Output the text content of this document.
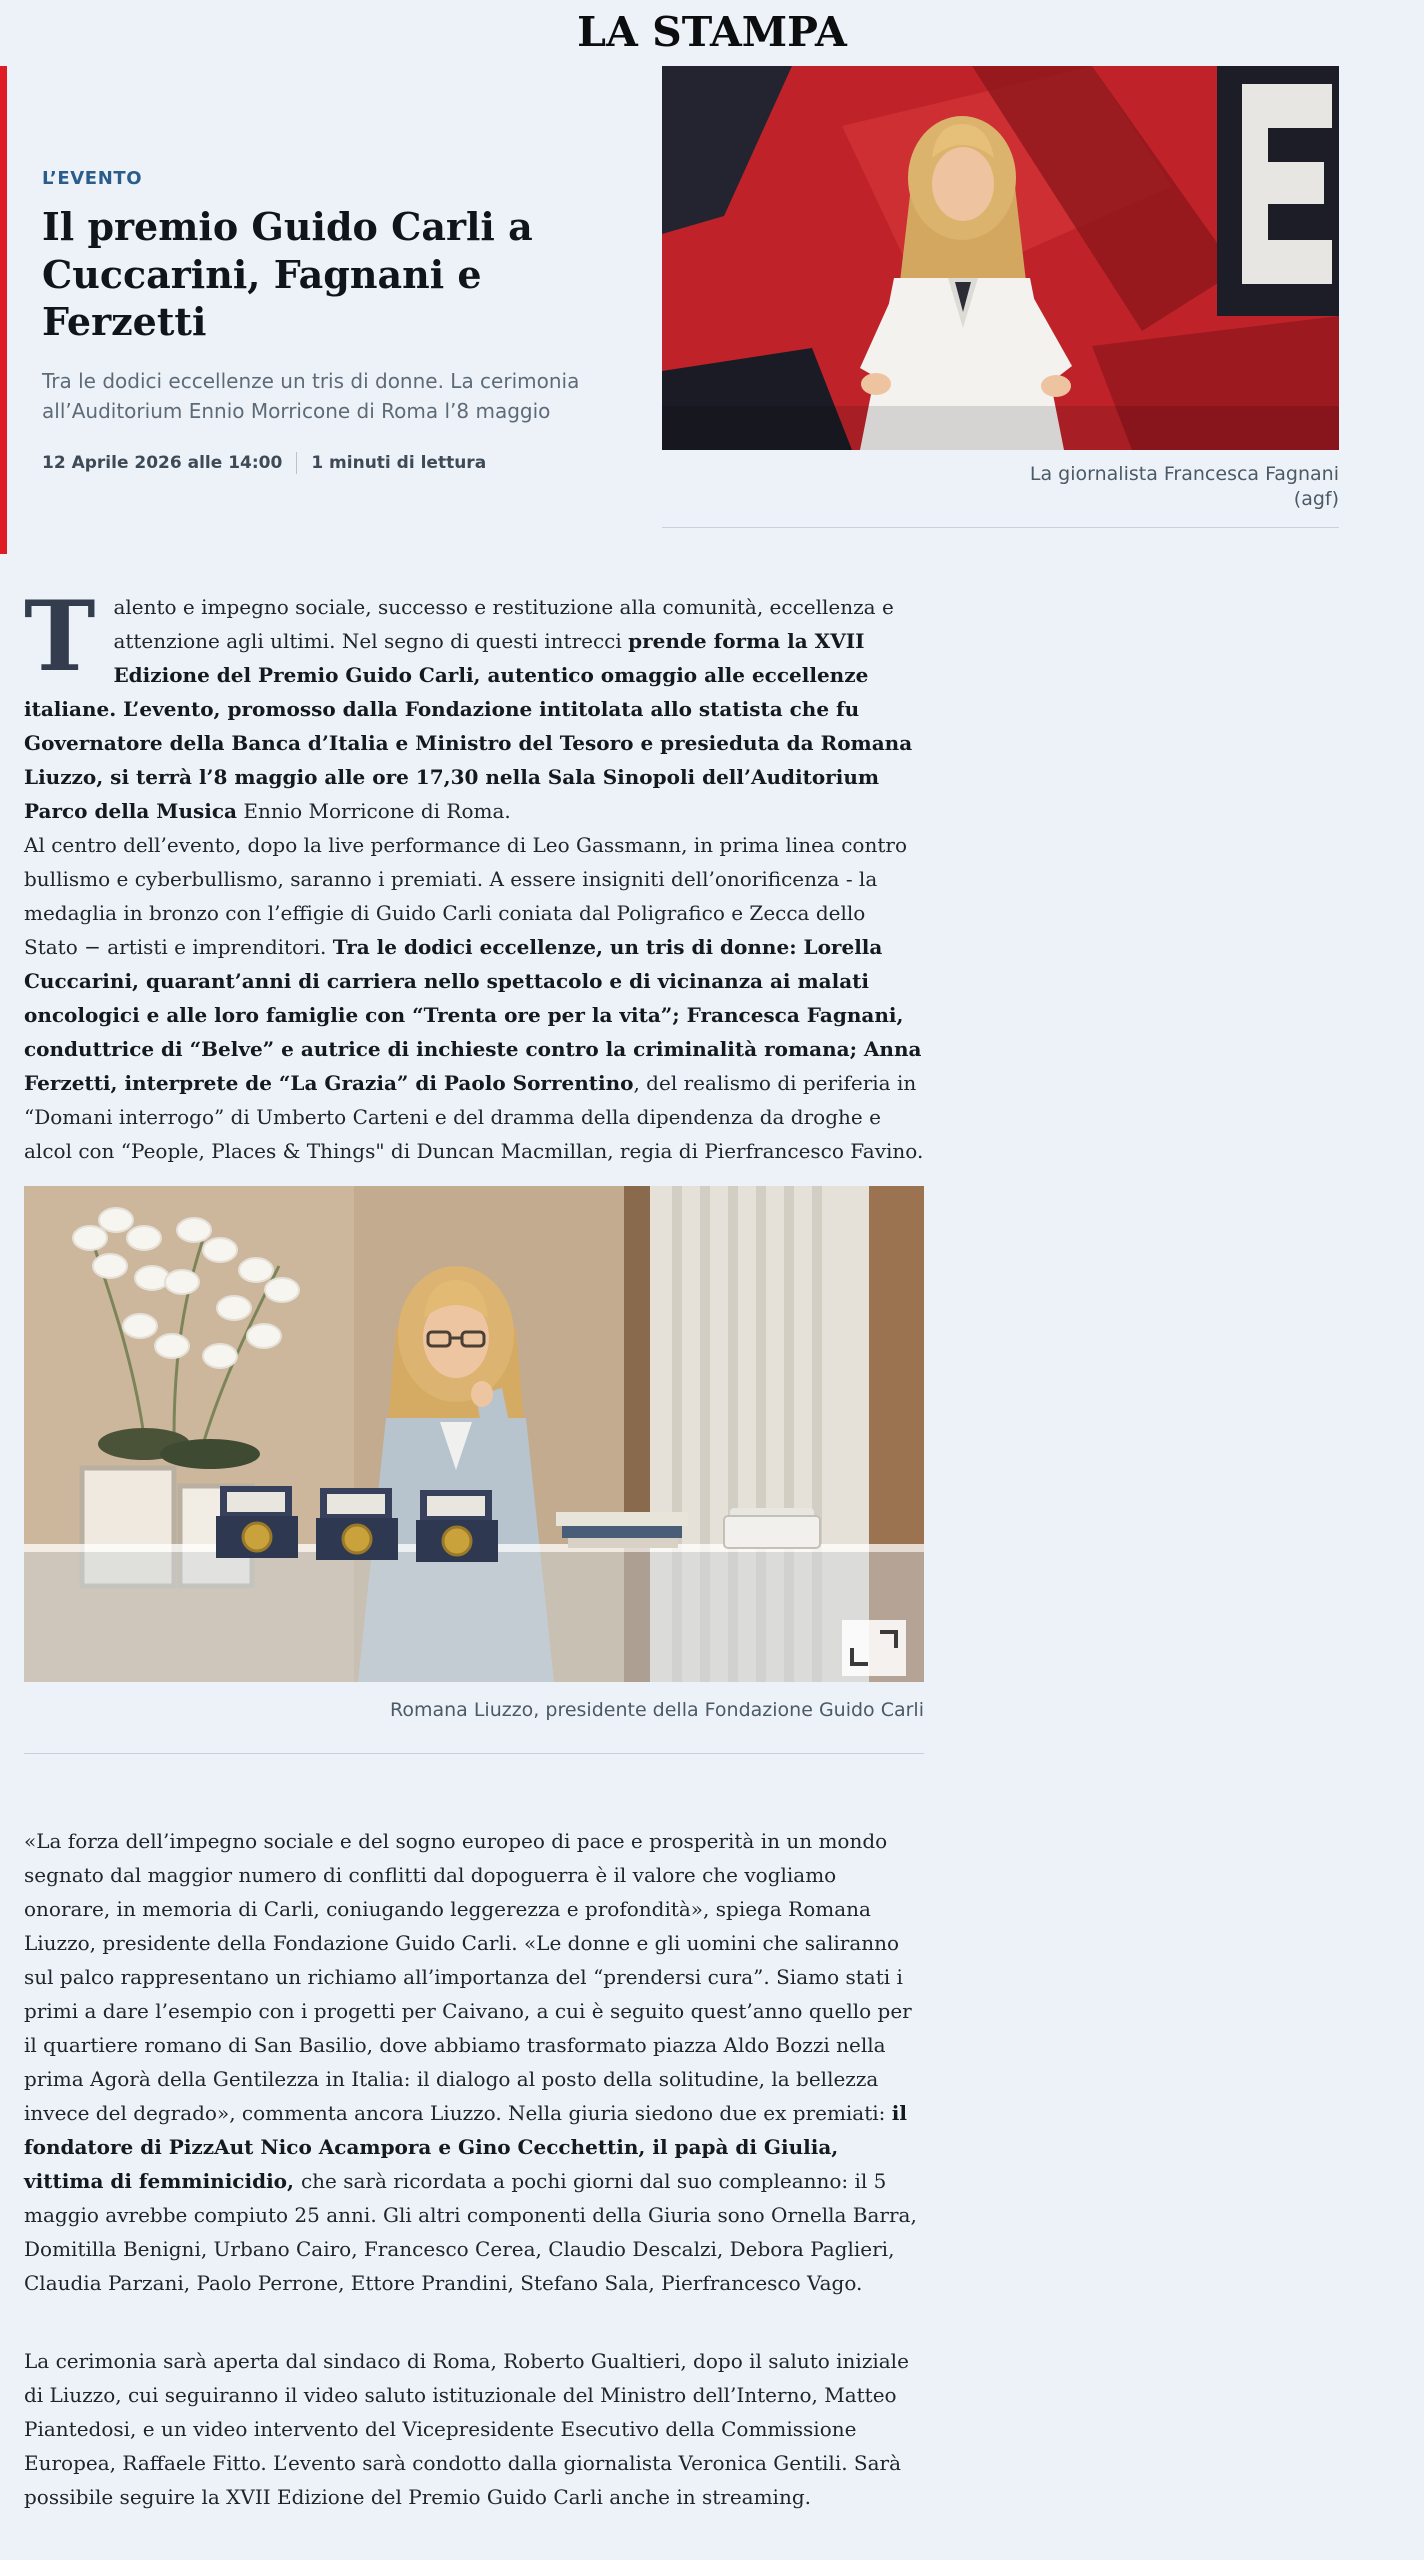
LA STAMPA
L’EVENTO
Il premio Guido Carli a Cuccarini, Fagnani e Ferzetti
Tra le dodici eccellenze un tris di donne. La cerimonia all’Auditorium Ennio Morricone di Roma l’8 maggio
12 Aprile 2026 alle 14:00 1 minuti di lettura
La giornalista Francesca Fagnani
(agf)

Talento e impegno sociale, successo e restituzione alla comunità, eccellenza e attenzione agli ultimi. Nel segno di questi intrecci prende forma la XVII Edizione del Premio Guido Carli, autentico omaggio alle eccellenze italiane. L’evento, promosso dalla Fondazione intitolata allo statista che fu Governatore della Banca d’Italia e Ministro del Tesoro e presieduta da Romana Liuzzo, si terrà l’8 maggio alle ore 17,30 nella Sala Sinopoli dell’Auditorium Parco della Musica Ennio Morricone di Roma.

Al centro dell’evento, dopo la live performance di Leo Gassmann, in prima linea contro bullismo e cyberbullismo, saranno i premiati. A essere insigniti dell’onorificenza - la medaglia in bronzo con l’effigie di Guido Carli coniata dal Poligrafico e Zecca dello Stato − artisti e imprenditori. Tra le dodici eccellenze, un tris di donne: Lorella Cuccarini, quarant’anni di carriera nello spettacolo e di vicinanza ai malati oncologici e alle loro famiglie con “Trenta ore per la vita”; Francesca Fagnani, conduttrice di “Belve” e autrice di inchieste contro la criminalità romana; Anna Ferzetti, interprete de “La Grazia” di Paolo Sorrentino, del realismo di periferia in “Domani interrogo” di Umberto Carteni e del dramma della dipendenza da droghe e alcol con “People, Places & Things" di Duncan Macmillan, regia di Pierfrancesco Favino.

Romana Liuzzo, presidente della Fondazione Guido Carli

«La forza dell’impegno sociale e del sogno europeo di pace e prosperità in un mondo segnato dal maggior numero di conflitti dal dopoguerra è il valore che vogliamo onorare, in memoria di Carli, coniugando leggerezza e profondità», spiega Romana Liuzzo, presidente della Fondazione Guido Carli. «Le donne e gli uomini che saliranno sul palco rappresentano un richiamo all’importanza del “prendersi cura”. Siamo stati i primi a dare l’esempio con i progetti per Caivano, a cui è seguito quest’anno quello per il quartiere romano di San Basilio, dove abbiamo trasformato piazza Aldo Bozzi nella prima Agorà della Gentilezza in Italia: il dialogo al posto della solitudine, la bellezza invece del degrado», commenta ancora Liuzzo. Nella giuria siedono due ex premiati: il fondatore di PizzAut Nico Acampora e Gino Cecchettin, il papà di Giulia, vittima di femminicidio, che sarà ricordata a pochi giorni dal suo compleanno: il 5 maggio avrebbe compiuto 25 anni. Gli altri componenti della Giuria sono Ornella Barra, Domitilla Benigni, Urbano Cairo, Francesco Cerea, Claudio Descalzi, Debora Paglieri, Claudia Parzani, Paolo Perrone, Ettore Prandini, Stefano Sala, Pierfrancesco Vago.

La cerimonia sarà aperta dal sindaco di Roma, Roberto Gualtieri, dopo il saluto iniziale di Liuzzo, cui seguiranno il video saluto istituzionale del Ministro dell’Interno, Matteo Piantedosi, e un video intervento del Vicepresidente Esecutivo della Commissione Europea, Raffaele Fitto. L’evento sarà condotto dalla giornalista Veronica Gentili. Sarà possibile seguire la XVII Edizione del Premio Guido Carli anche in streaming.
